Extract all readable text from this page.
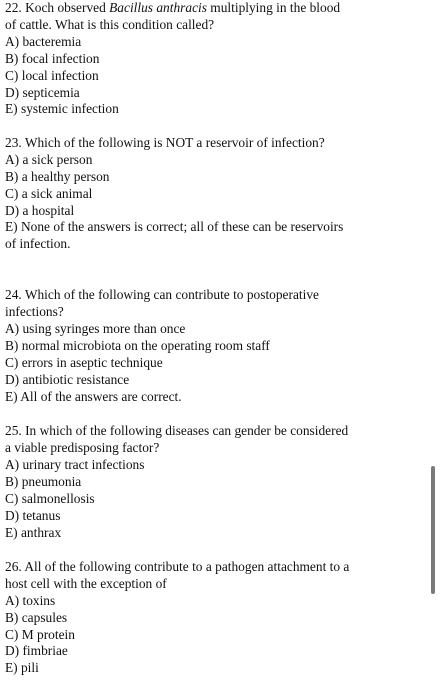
22. Koch observed Bacillus anthracis multiplying in the blood
of cattle. What is this condition called?
A) bacteremia
B) focal infection
C) local infection
D) septicemia
E) systemic infection
23. Which of the following is NOT a reservoir of infection?
A) a sick person
B) a healthy person
C) a sick animal
D) a hospital
E) None of the answers is correct; all of these can be reservoirs
of infection.
24. Which of the following can contribute to postoperative
infections?
A) using syringes more than once
B) normal microbiota on the operating room staff
C) errors in aseptic technique
D) antibiotic resistance
E) All of the answers are correct.
25. In which of the following diseases can gender be considered
a viable predisposing factor?
A) urinary tract infections
B) pneumonia
C) salmonellosis
D) tetanus
E) anthrax
26. All of the following contribute to a pathogen attachment to a
host cell with the exception of
A) toxins
B) capsules
C) M protein
D) fimbriae
E) pili
